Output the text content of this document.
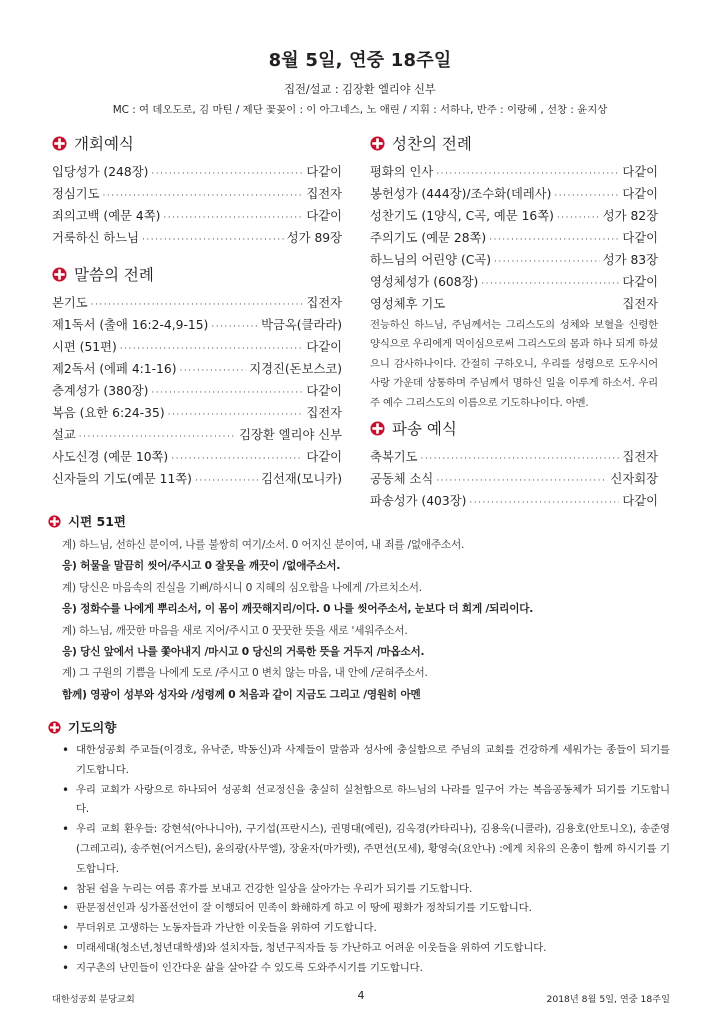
8월 5일, 연중 18주일
집전/설교 : 김장환 엘리야 신부
MC : 여 데오도로, 김 마틴 / 제단 꽃꽂이 : 이 아그네스, 노 애린 / 지휘 : 서하나, 반주 : 이랑혜 , 선창 : 윤지상
개회예식
입당성가 (248장) ·····	다같이
정심기도 ·····	집전자
죄의고백 (예문 4쪽) ·····	다같이
거룩하신 하느님 ·····	성가 89장
말씀의 전례
본기도 ·····	집전자
제1독서 (출애 16:2-4,9-15) ·····	박금옥(클라라)
시편 (51편) ·····	다같이
제2독서 (에페 4:1-16) ·····	지경진(돈보스코)
층계성가 (380장) ·····	다같이
복음 (요한 6:24-35) ·····	집전자
설교 ·····	김장환 엘리야 신부
사도신경 (예문 10쪽) ·····	다같이
신자들의 기도(예문 11쪽) ·····	김선재(모니카)
성찬의 전례
평화의 인사 ·····	다같이
봉헌성가 (444장)/조수화(데레사) ·····	다같이
성찬기도 (1양식, C곡, 예문 16쪽) ·····	성가 82장
주의기도 (예문 28쪽) ·····	다같이
하느님의 어린양 (C곡) ·····	성가 83장
영성체성가 (608장) ·····	다같이
영성체후 기도	집전자

전능하신 하느님, 주님께서는 그리스도의 성체와 보혈을 신령한 양식으로 우리에게 먹이심으로써 그리스도의 몸과 하나 되게 하셨으니 감사하나이다. 간절히 구하오니, 우리를 성령으로 도우시어 사랑 가운데 상통하며 주님께서 명하신 일을 이루게 하소서. 우리 주 예수 그리스도의 이름으로 기도하나이다. 아멘.

파송 예식
축복기도 ·····	집전자
공동체 소식 ·····	신자회장
파송성가 (403장) ·····	다같이
시편 51편
계) 하느님, 선하신 분이여, 나를 불쌍히 여기/소서. 0 어지신 분이여, 내 죄를 /없애주소서.
응) 허물을 말끔히 씻어/주시고 0 잘못을 깨끗이 /없애주소서.
계) 당신은 마음속의 진실을 기뻐/하시니 0 지혜의 심오함을 나에게 /가르치소서.
응) 정화수를 나에게 뿌리소서, 이 몸이 깨끗해지리/이다. 0 나를 씻어주소서, 눈보다 더 희게 /되리이다.
계) 하느님, 깨끗한 마음을 새로 지어/주시고 0 꿋꿋한 뜻을 새로 '세워주소서.
응) 당신 앞에서 나를 쫓아내지 /마시고 0 당신의 거룩한 뜻을 거두지 /마옵소서.
계) 그 구원의 기쁨을 나에게 도로 /주시고 0 변치 않는 마음, 내 안에 /굳혀주소서.
함께) 영광이 성부와 성자와 /성령께 0 처음과 같이 지금도 그리고 /영원히 아멘
기도의향
• 대한성공회 주교들(이경호, 유낙준, 박동신)과 사제들이 말씀과 성사에 충실함으로 주님의 교회를 건강하게 세워가는 종들이 되기를 기도합니다.
• 우리 교회가 사랑으로 하나되어 성공회 선교정신을 충실히 실천함으로 하느님의 나라를 일구어 가는 복음공동체가 되기를 기도합니다.
• 우리 교회 환우들: 강현석(아나니아), 구기섭(프란시스), 권명대(에린), 김옥경(카타리나), 김용욱(니콜라), 김용호(안토니오), 송준영(그레고리), 송주현(어거스틴), 윤의광(사무엘), 장윤자(마가렛), 주면선(모세), 황영숙(요안나) :에게 치유의 은총이 함께 하시기를 기도합니다.
• 참된 쉼을 누리는 여름 휴가를 보내고 건강한 일상을 살아가는 우리가 되기를 기도합니다.
• 판문점선인과 싱가폴선언이 잘 이행되어 민족이 화해하게 하고 이 땅에 평화가 정착되기를 기도합니다.
• 무더위로 고생하는 노동자들과 가난한 이웃들을 위하여 기도합니다.
• 미래세대(청소년,청년대학생)와 설치자들, 청년구직자들 등 가난하고 어려운 이웃들을 위하여 기도합니다.
• 지구촌의 난민들이 인간다운 삶을 살아갈 수 있도록 도와주시기를 기도합니다.
대한성공회 분당교회	4	2018년 8월 5일, 연중 18주일
